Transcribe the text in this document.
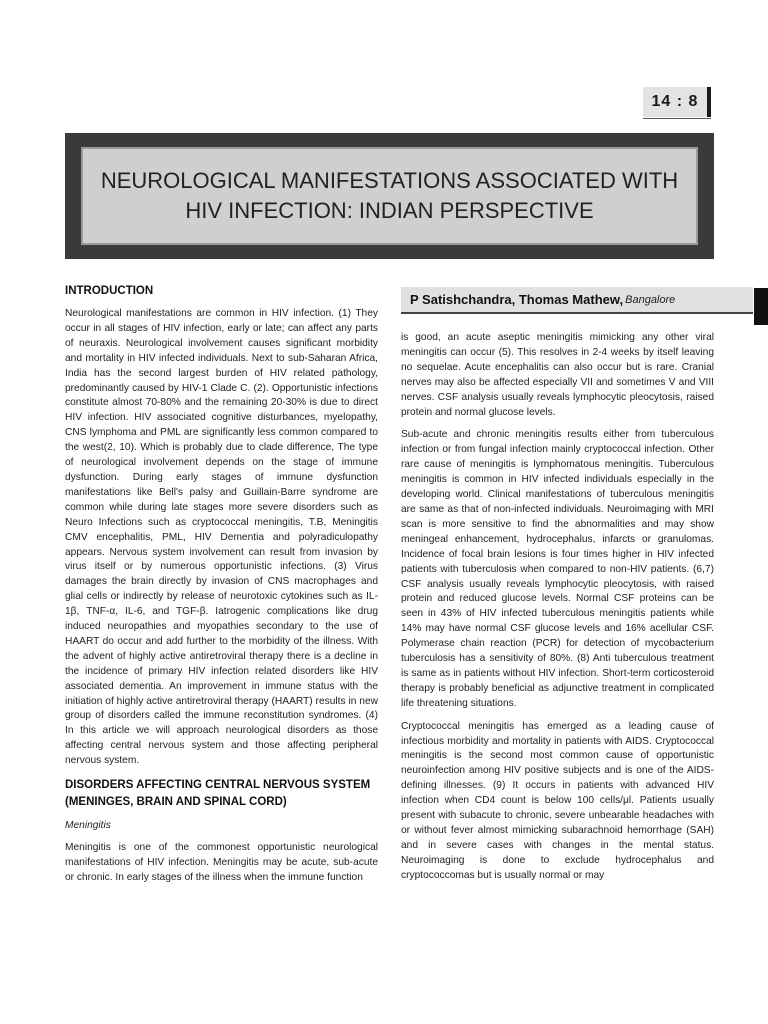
14 : 8
NEUROLOGICAL MANIFESTATIONS ASSOCIATED WITH HIV INFECTION: INDIAN PERSPECTIVE
INTRODUCTION

Neurological manifestations are common in HIV infection. (1) They occur in all stages of HIV infection, early or late; can affect any parts of neuraxis. Neurological involvement causes significant morbidity and mortality in HIV infected individuals. Next to sub-Saharan Africa, India has the second largest burden of HIV related pathology, predominantly caused by HIV-1 Clade C. (2). Opportunistic infections constitute almost 70-80% and the remaining 20-30% is due to direct HIV infection. HIV associated cognitive disturbances, myelopathy, CNS lymphoma and PML are significantly less common compared to the west(2, 10). Which is probably due to clade difference, The type of neurological involvement depends on the stage of immune dysfunction. During early stages of immune dysfunction manifestations like Bell's palsy and Guillain-Barre syndrome are common while during late stages more severe disorders such as Neuro Infections such as cryptococcal meningitis, T.B, Meningitis CMV encephalitis, PML, HIV Dementia and polyradiculopathy appears. Nervous system involvement can result from invasion by virus itself or by numerous opportunistic infections. (3) Virus damages the brain directly by invasion of CNS macrophages and glial cells or indirectly by release of neurotoxic cytokines such as IL-1β, TNF-α, IL-6, and TGF-β. Iatrogenic complications like drug induced neuropathies and myopathies secondary to the use of HAART do occur and add further to the morbidity of the illness. With the advent of highly active antiretroviral therapy there is a decline in the incidence of primary HIV infection related disorders like HIV associated dementia. An improvement in immune status with the initiation of highly active antiretroviral therapy (HAART) results in new group of disorders called the immune reconstitution syndromes. (4) In this article we will approach neurological disorders as those affecting central nervous system and those affecting peripheral nervous system.

DISORDERS AFFECTING CENTRAL NERVOUS SYSTEM (MENINGES, BRAIN AND SPINAL CORD)
Meningitis

Meningitis is one of the commonest opportunistic neurological manifestations of HIV infection. Meningitis may be acute, sub-acute or chronic. In early stages of the illness when the immune function

P Satishchandra, Thomas Mathew, Bangalore

is good, an acute aseptic meningitis mimicking any other viral meningitis can occur (5). This resolves in 2-4 weeks by itself leaving no sequelae. Acute encephalitis can also occur but is rare. Cranial nerves may also be affected especially VII and sometimes V and VIII nerves. CSF analysis usually reveals lymphocytic pleocytosis, raised protein and normal glucose levels.

Sub-acute and chronic meningitis results either from tuberculous infection or from fungal infection mainly cryptococcal infection. Other rare cause of meningitis is lymphomatous meningitis. Tuberculous meningitis is common in HIV infected individuals especially in the developing world. Clinical manifestations of tuberculous meningitis are same as that of non-infected individuals. Neuroimaging with MRI scan is more sensitive to find the abnormalities and may show meningeal enhancement, hydrocephalus, infarcts or granulomas. Incidence of focal brain lesions is four times higher in HIV infected patients with tuberculosis when compared to non-HIV patients. (6,7) CSF analysis usually reveals lymphocytic pleocytosis, with raised protein and reduced glucose levels. Normal CSF proteins can be seen in 43% of HIV infected tuberculous meningitis patients while 14% may have normal CSF glucose levels and 16% acellular CSF. Polymerase chain reaction (PCR) for detection of mycobacterium tuberculosis has a sensitivity of 80%. (8) Anti tuberculous treatment is same as in patients without HIV infection. Short-term corticosteroid therapy is probably beneficial as adjunctive treatment in complicated life threatening situations.

Cryptococcal meningitis has emerged as a leading cause of infectious morbidity and mortality in patients with AIDS. Cryptococcal meningitis is the second most common cause of opportunistic neuroinfection among HIV positive subjects and is one of the AIDS-defining illnesses. (9) It occurs in patients with advanced HIV infection when CD4 count is below 100 cells/μl. Patients usually present with subacute to chronic, severe unbearable headaches with or without fever almost mimicking subarachnoid hemorrhage (SAH) and in severe cases with changes in the mental status. Neuroimaging is done to exclude hydrocephalus and cryptococcomas but is usually normal or may
